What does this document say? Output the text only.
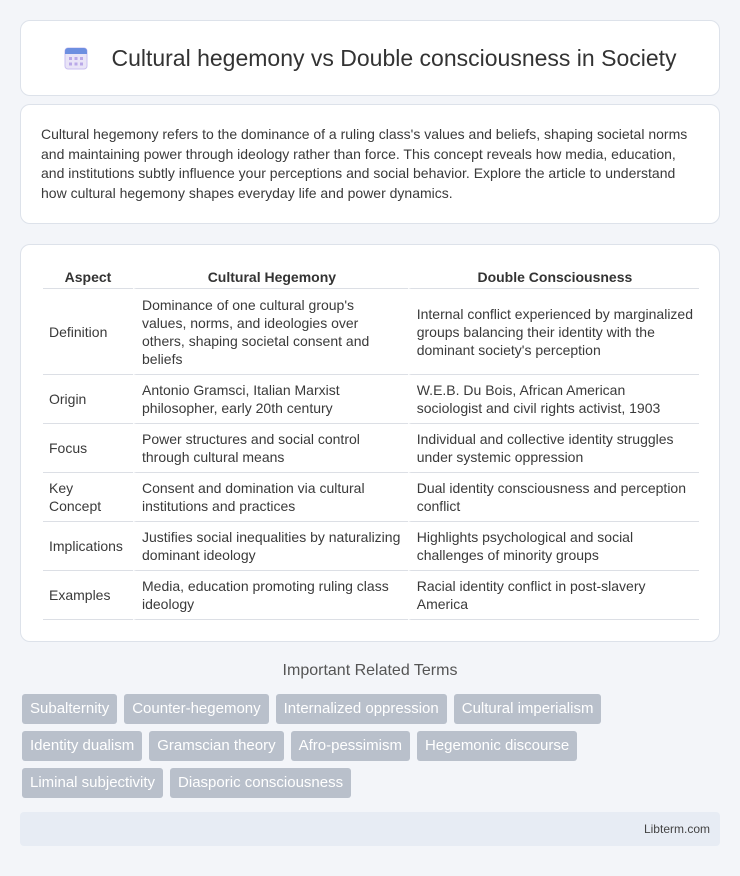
Cultural hegemony vs Double consciousness in Society

Cultural hegemony refers to the dominance of a ruling class's values and beliefs, shaping societal norms and maintaining power through ideology rather than force. This concept reveals how media, education, and institutions subtly influence your perceptions and social behavior. Explore the article to understand how cultural hegemony shapes everyday life and power dynamics.

Aspect	Cultural Hegemony	Double Consciousness
Definition	Dominance of one cultural group's values, norms, and ideologies over others, shaping societal consent and beliefs	Internal conflict experienced by marginalized groups balancing their identity with the dominant society's perception
Origin	Antonio Gramsci, Italian Marxist philosopher, early 20th century	W.E.B. Du Bois, African American sociologist and civil rights activist, 1903
Focus	Power structures and social control through cultural means	Individual and collective identity struggles under systemic oppression
Key Concept	Consent and domination via cultural institutions and practices	Dual identity consciousness and perception conflict
Implications	Justifies social inequalities by naturalizing dominant ideology	Highlights psychological and social challenges of minority groups
Examples	Media, education promoting ruling class ideology	Racial identity conflict in post-slavery America
Important Related Terms
Subalternity	Counter-hegemony	Internalized oppression	Cultural imperialism
Identity dualism	Gramscian theory	Afro-pessimism	Hegemonic discourse
Liminal subjectivity	Diasporic consciousness
Libterm.com
